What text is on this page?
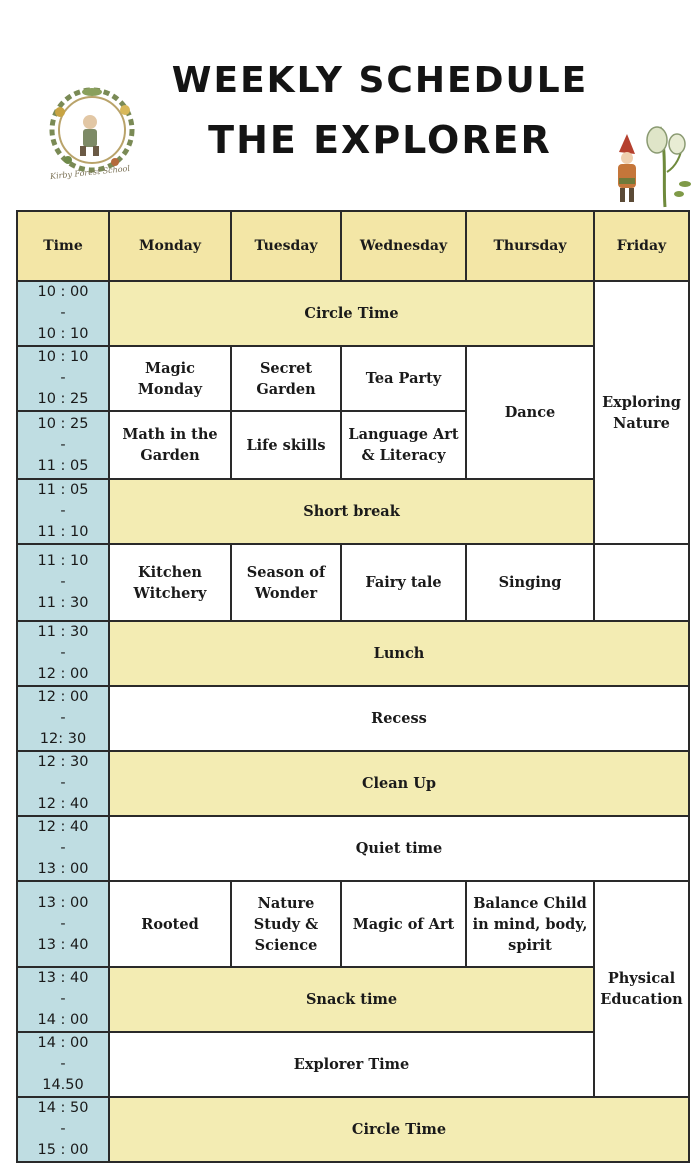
WEEKLY SCHEDULE
THE EXPLORER
Kirby Forest School
Time	Monday	Tuesday	Wednesday	Thursday	Friday

10 : 00
-
10 : 10	Circle Time				Exploring Nature

10 : 10
-
10 : 25	Magic Monday	Secret Garden	Tea Party	Dance	

10 : 25
-
11 : 05	Math in the Garden	Life skills	Language Art & Literacy		

11 : 05
-
11 : 10	Short break				

11 : 10
-
11 : 30	Kitchen Witchery	Season of Wonder	Fairy tale	Singing	

11 : 30
-
12 : 00	Lunch				

12 : 00
-
12: 30	Recess				

12 : 30
-
12 : 40	Clean Up				

12 : 40
-
13 : 00	Quiet time				

13 : 00
-
13 : 40	Rooted	Nature Study & Science	Magic of Art	Balance Child in mind, body, spirit	Physical Education

13 : 40
-
14 : 00	Snack time				

14 : 00
-
14.50	Explorer Time				

14 : 50
-
15 : 00	Circle Time				
